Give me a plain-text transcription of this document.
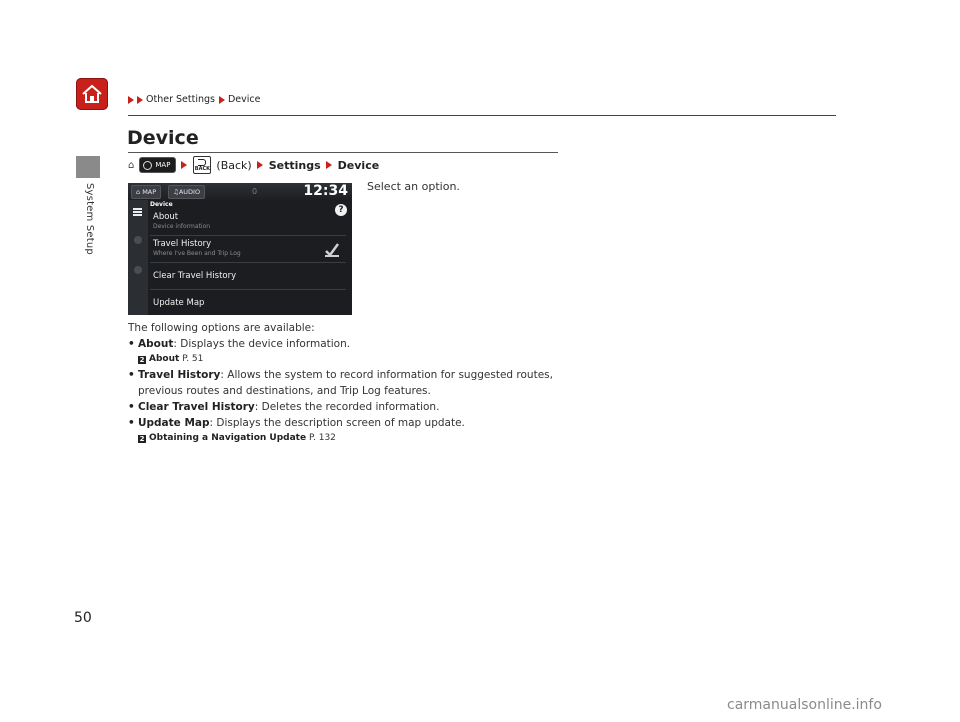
System Setup
Other Settings Device
Device
⌂	MAP	BACK (Back) Settings Device
⌂ MAP	♫AUDIO	0	12:34
?
Device
About
Device information
Travel History
Where I've Been and Trip Log
Clear Travel History
Update Map
Select an option.
The following options are available:
• About: Displays the device information.
2 About P. 51
• Travel History: Allows the system to record information for suggested routes,
previous routes and destinations, and Trip Log features.
• Clear Travel History: Deletes the recorded information.
• Update Map: Displays the description screen of map update.
2 Obtaining a Navigation Update P. 132
50
carmanualsonline.info
